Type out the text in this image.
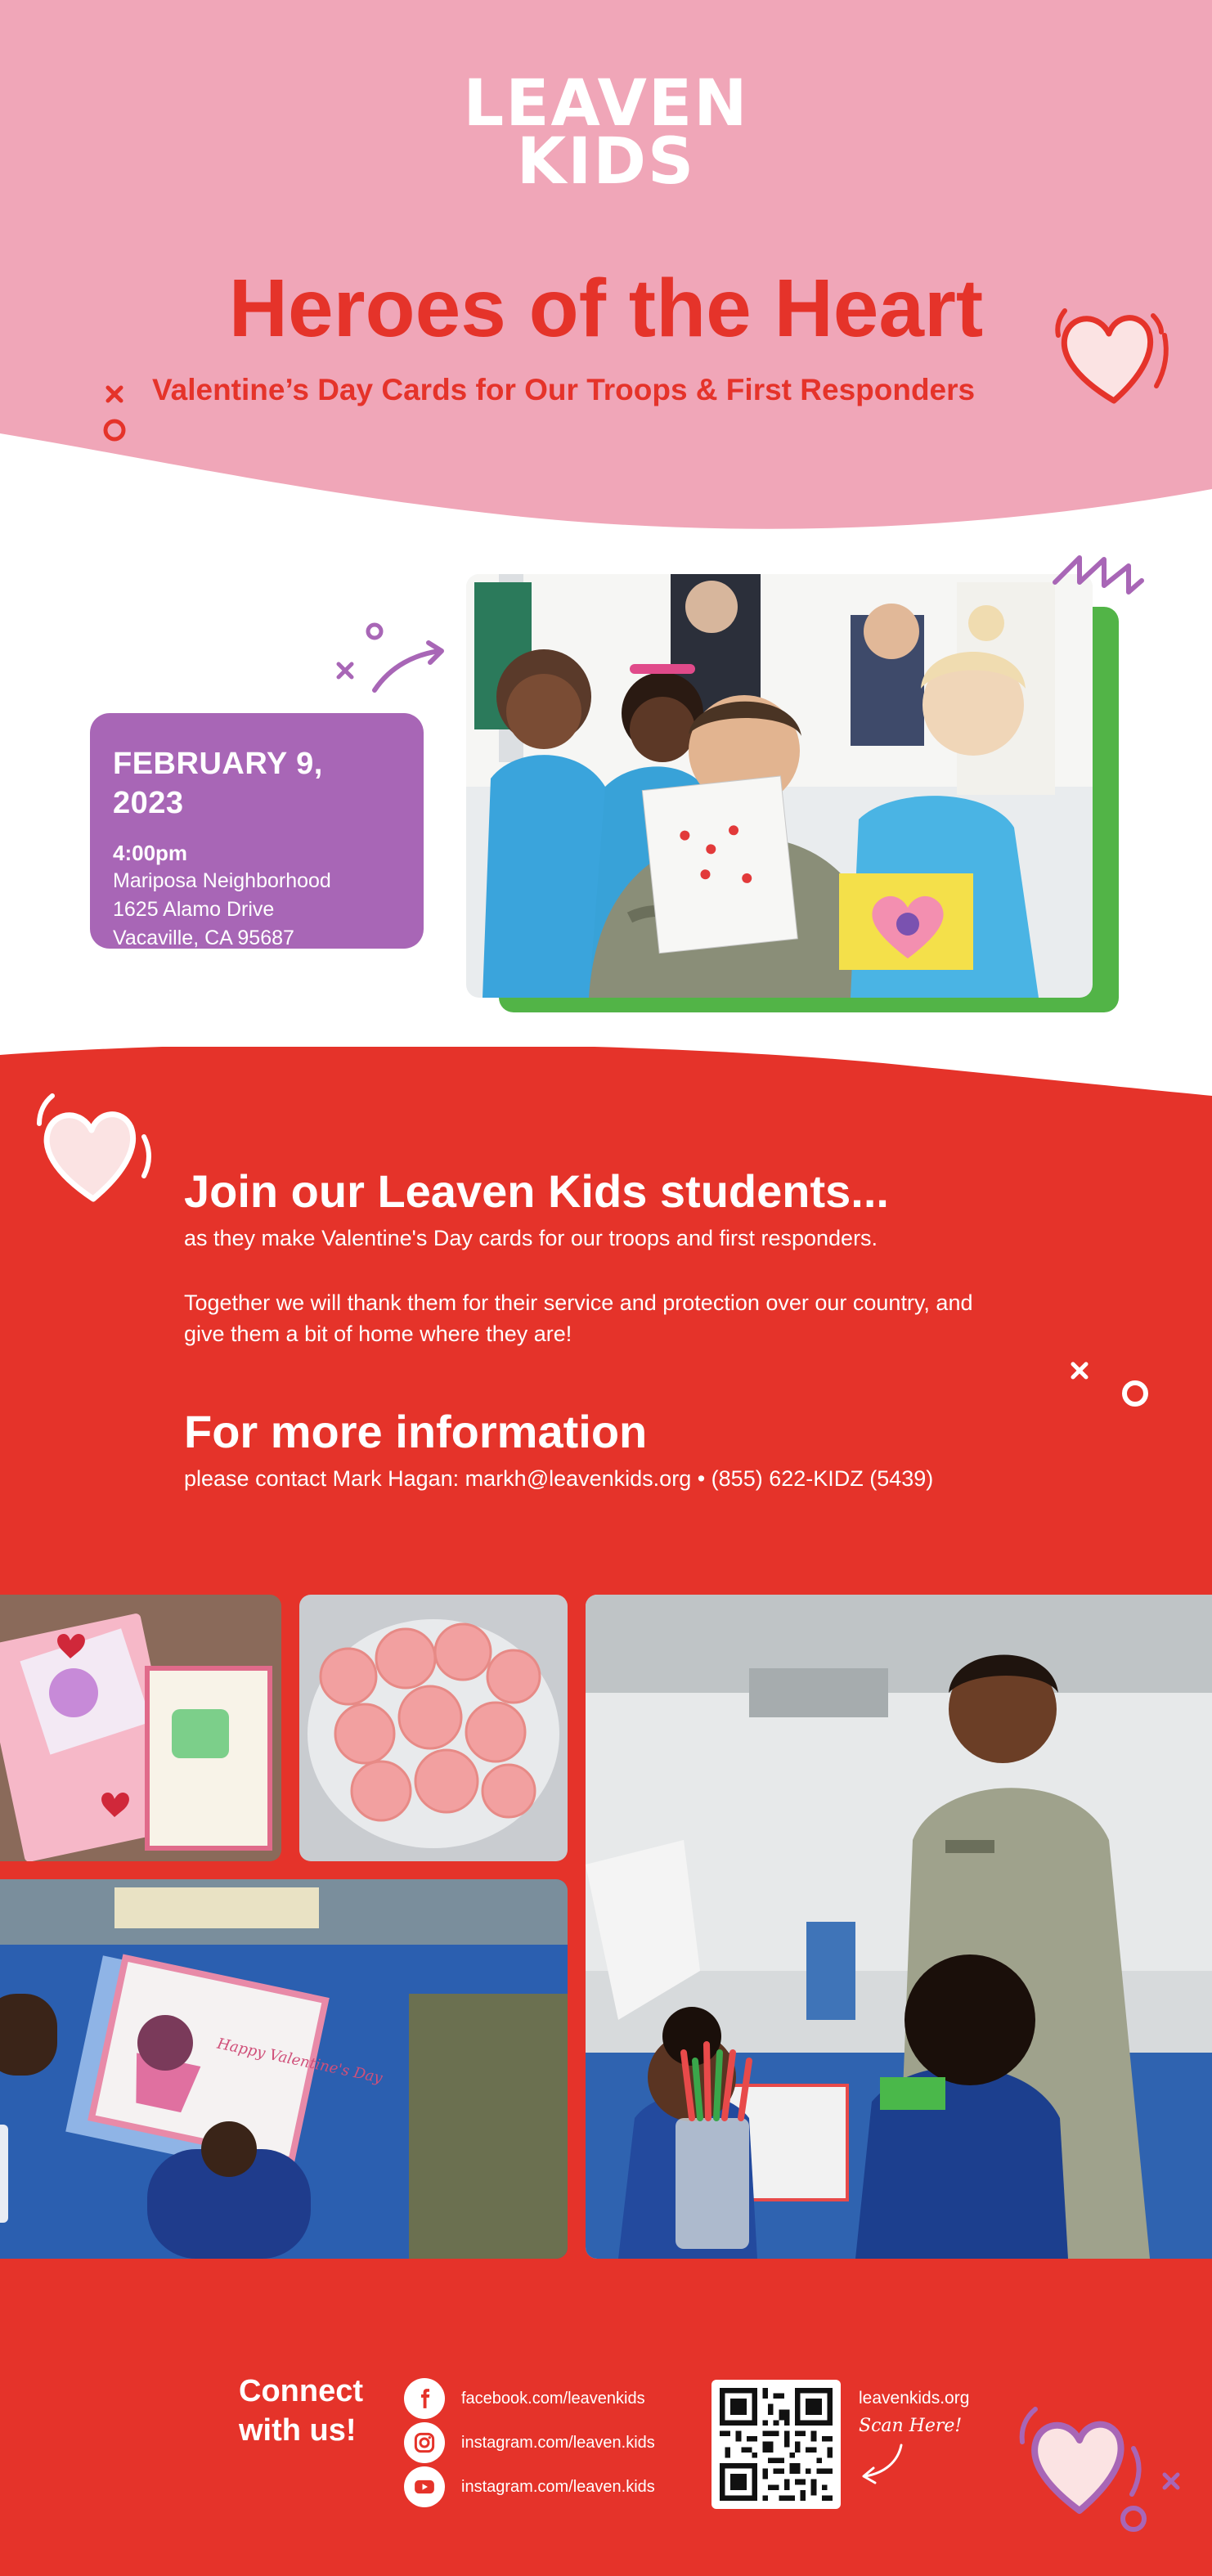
LEAVEN
KIDS
Heroes of the Heart
Valentine’s Day Cards for Our Troops & First Responders
FEBRUARY 9, 2023
4:00pm
Mariposa Neighborhood
1625 Alamo Drive
Vacaville, CA 95687
Join our Leaven Kids students...

as they make Valentine's Day cards for our troops and first responders.

Together we will thank them for their service and protection over our country, and give them a bit of home where they are!

For more information

please contact Mark Hagan: markh@leavenkids.org • (855) 622-KIDZ (5439)

Happy Valentine's Day
Connect with us!
facebook.com/leavenkids
instagram.com/leaven.kids
instagram.com/leaven.kids
leavenkids.org
Scan Here!
